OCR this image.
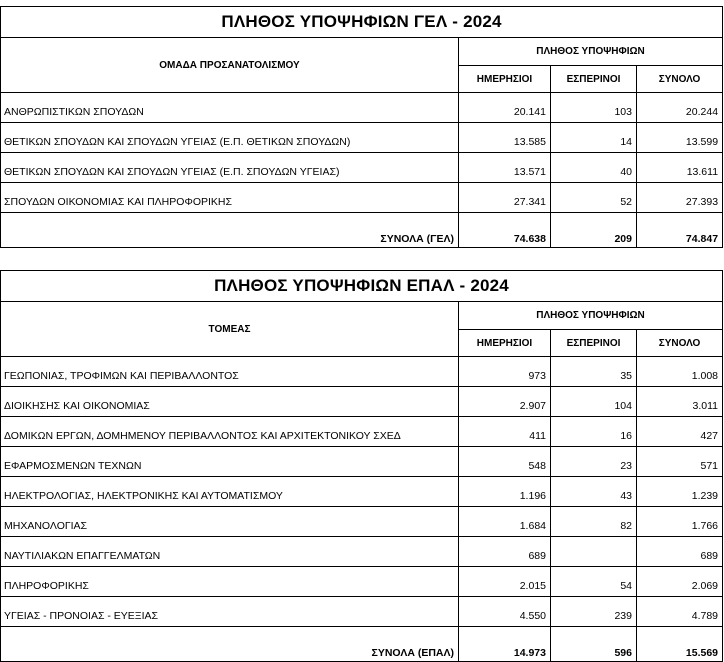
ΠΛΗΘΟΣ ΥΠΟΨΗΦΙΩΝ ΓΕΛ - 2024			
ΟΜΑΔΑ ΠΡΟΣΑΝΑΤΟΛΙΣΜΟΥ	ΠΛΗΘΟΣ ΥΠΟΨΗΦΙΩΝ		
	ΗΜΕΡΗΣΙΟΙ	ΕΣΠΕΡΙΝΟΙ	ΣΥΝΟΛΟ
ΑΝΘΡΩΠΙΣΤΙΚΩΝ ΣΠΟΥΔΩΝ	20.141	103	20.244
ΘΕΤΙΚΩΝ ΣΠΟΥΔΩΝ ΚΑΙ ΣΠΟΥΔΩΝ ΥΓΕΙΑΣ (Ε.Π. ΘΕΤΙΚΩΝ ΣΠΟΥΔΩΝ)	13.585	14	13.599
ΘΕΤΙΚΩΝ ΣΠΟΥΔΩΝ ΚΑΙ ΣΠΟΥΔΩΝ ΥΓΕΙΑΣ (Ε.Π. ΣΠΟΥΔΩΝ ΥΓΕΙΑΣ)	13.571	40	13.611
ΣΠΟΥΔΩΝ ΟΙΚΟΝΟΜΙΑΣ ΚΑΙ ΠΛΗΡΟΦΟΡΙΚΗΣ	27.341	52	27.393
ΣΥΝΟΛΑ (ΓΕΛ)	74.638	209	74.847
ΠΛΗΘΟΣ ΥΠΟΨΗΦΙΩΝ ΕΠΑΛ - 2024			
ΤΟΜΕΑΣ	ΠΛΗΘΟΣ ΥΠΟΨΗΦΙΩΝ		
	ΗΜΕΡΗΣΙΟΙ	ΕΣΠΕΡΙΝΟΙ	ΣΥΝΟΛΟ
ΓΕΩΠΟΝΙΑΣ, ΤΡΟΦΙΜΩΝ ΚΑΙ ΠΕΡΙΒΑΛΛΟΝΤΟΣ	973	35	1.008
ΔΙΟΙΚΗΣΗΣ ΚΑΙ ΟΙΚΟΝΟΜΙΑΣ	2.907	104	3.011
ΔΟΜΙΚΩΝ ΕΡΓΩΝ, ΔΟΜΗΜΕΝΟΥ ΠΕΡΙΒΑΛΛΟΝΤΟΣ ΚΑΙ ΑΡΧΙΤΕΚΤΟΝΙΚΟΥ ΣΧΕΔ	411	16	427
ΕΦΑΡΜΟΣΜΕΝΩΝ ΤΕΧΝΩΝ	548	23	571
ΗΛΕΚΤΡΟΛΟΓΙΑΣ, ΗΛΕΚΤΡΟΝΙΚΗΣ ΚΑΙ ΑΥΤΟΜΑΤΙΣΜΟΥ	1.196	43	1.239
ΜΗΧΑΝΟΛΟΓΙΑΣ	1.684	82	1.766
ΝΑΥΤΙΛΙΑΚΩΝ ΕΠΑΓΓΕΛΜΑΤΩΝ	689		689
ΠΛΗΡΟΦΟΡΙΚΗΣ	2.015	54	2.069
ΥΓΕΙΑΣ - ΠΡΟΝΟΙΑΣ - ΕΥΕΞΙΑΣ	4.550	239	4.789
ΣΥΝΟΛΑ (ΕΠΑΛ)	14.973	596	15.569
